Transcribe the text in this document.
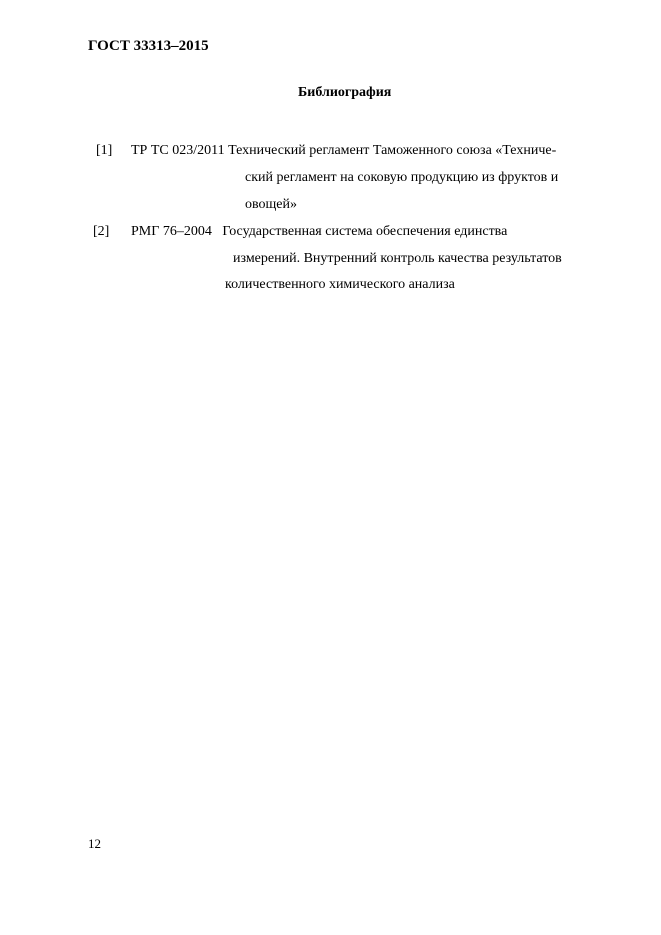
ГОСТ 33313–2015
Библиография
[1] ТР ТС 023/2011 Технический регламент Таможенного союза «Техниче-
ский регламент на соковую продукцию из фруктов и
овощей»
[2] РМГ 76–2004   Государственная система обеспечения единства
измерений. Внутренний контроль качества результатов
количественного химического анализа
12
